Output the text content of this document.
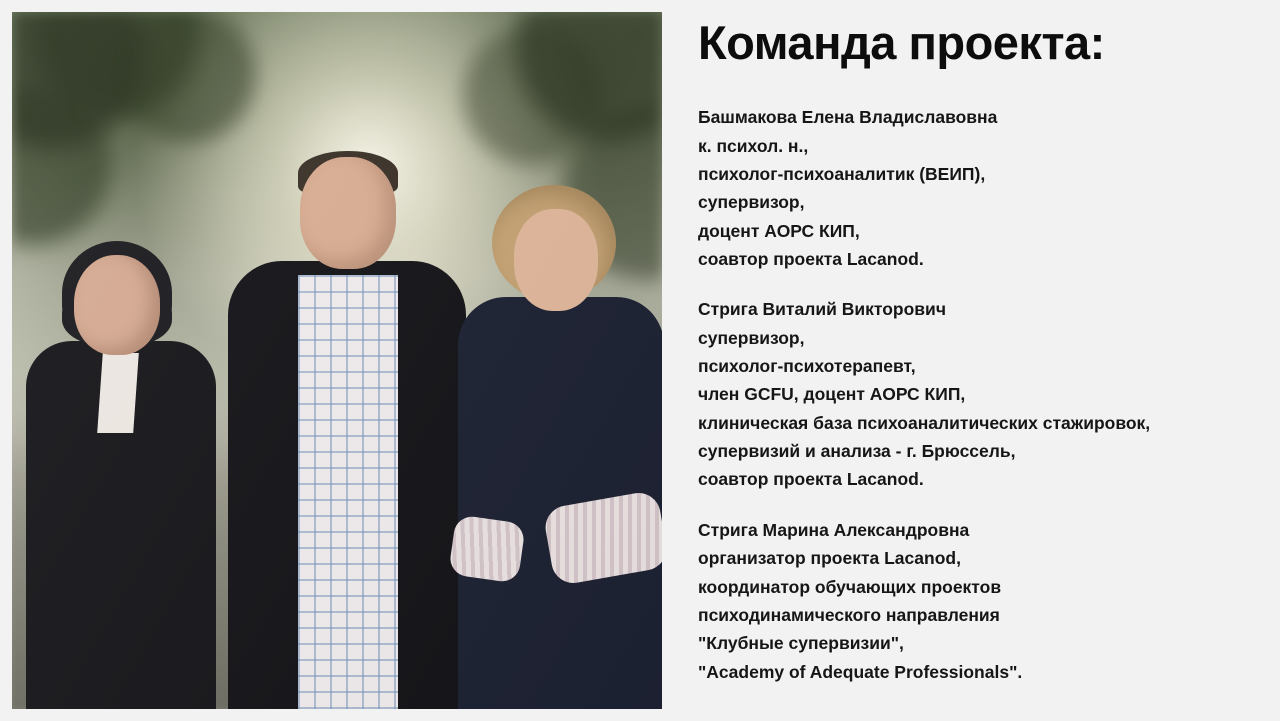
Команда проекта:
Башмакова Елена Владиславовна
к. психол. н.,
психолог-психоаналитик (ВЕИП),
супервизор,
доцент АОРС КИП,
соавтор проекта Lacanod.
Стрига Виталий Викторович
супервизор,
психолог-психотерапевт,
член GCFU, доцент АОРС КИП,
клиническая база психоаналитических стажировок,
супервизий и анализа - г. Брюссель,
соавтор проекта Lacanod.
Стрига Марина Александровна
организатор проекта Lacanod,
координатор обучающих проектов
психодинамического направления
"Клубные супервизии",
"Academy of Adequate Professionals".
